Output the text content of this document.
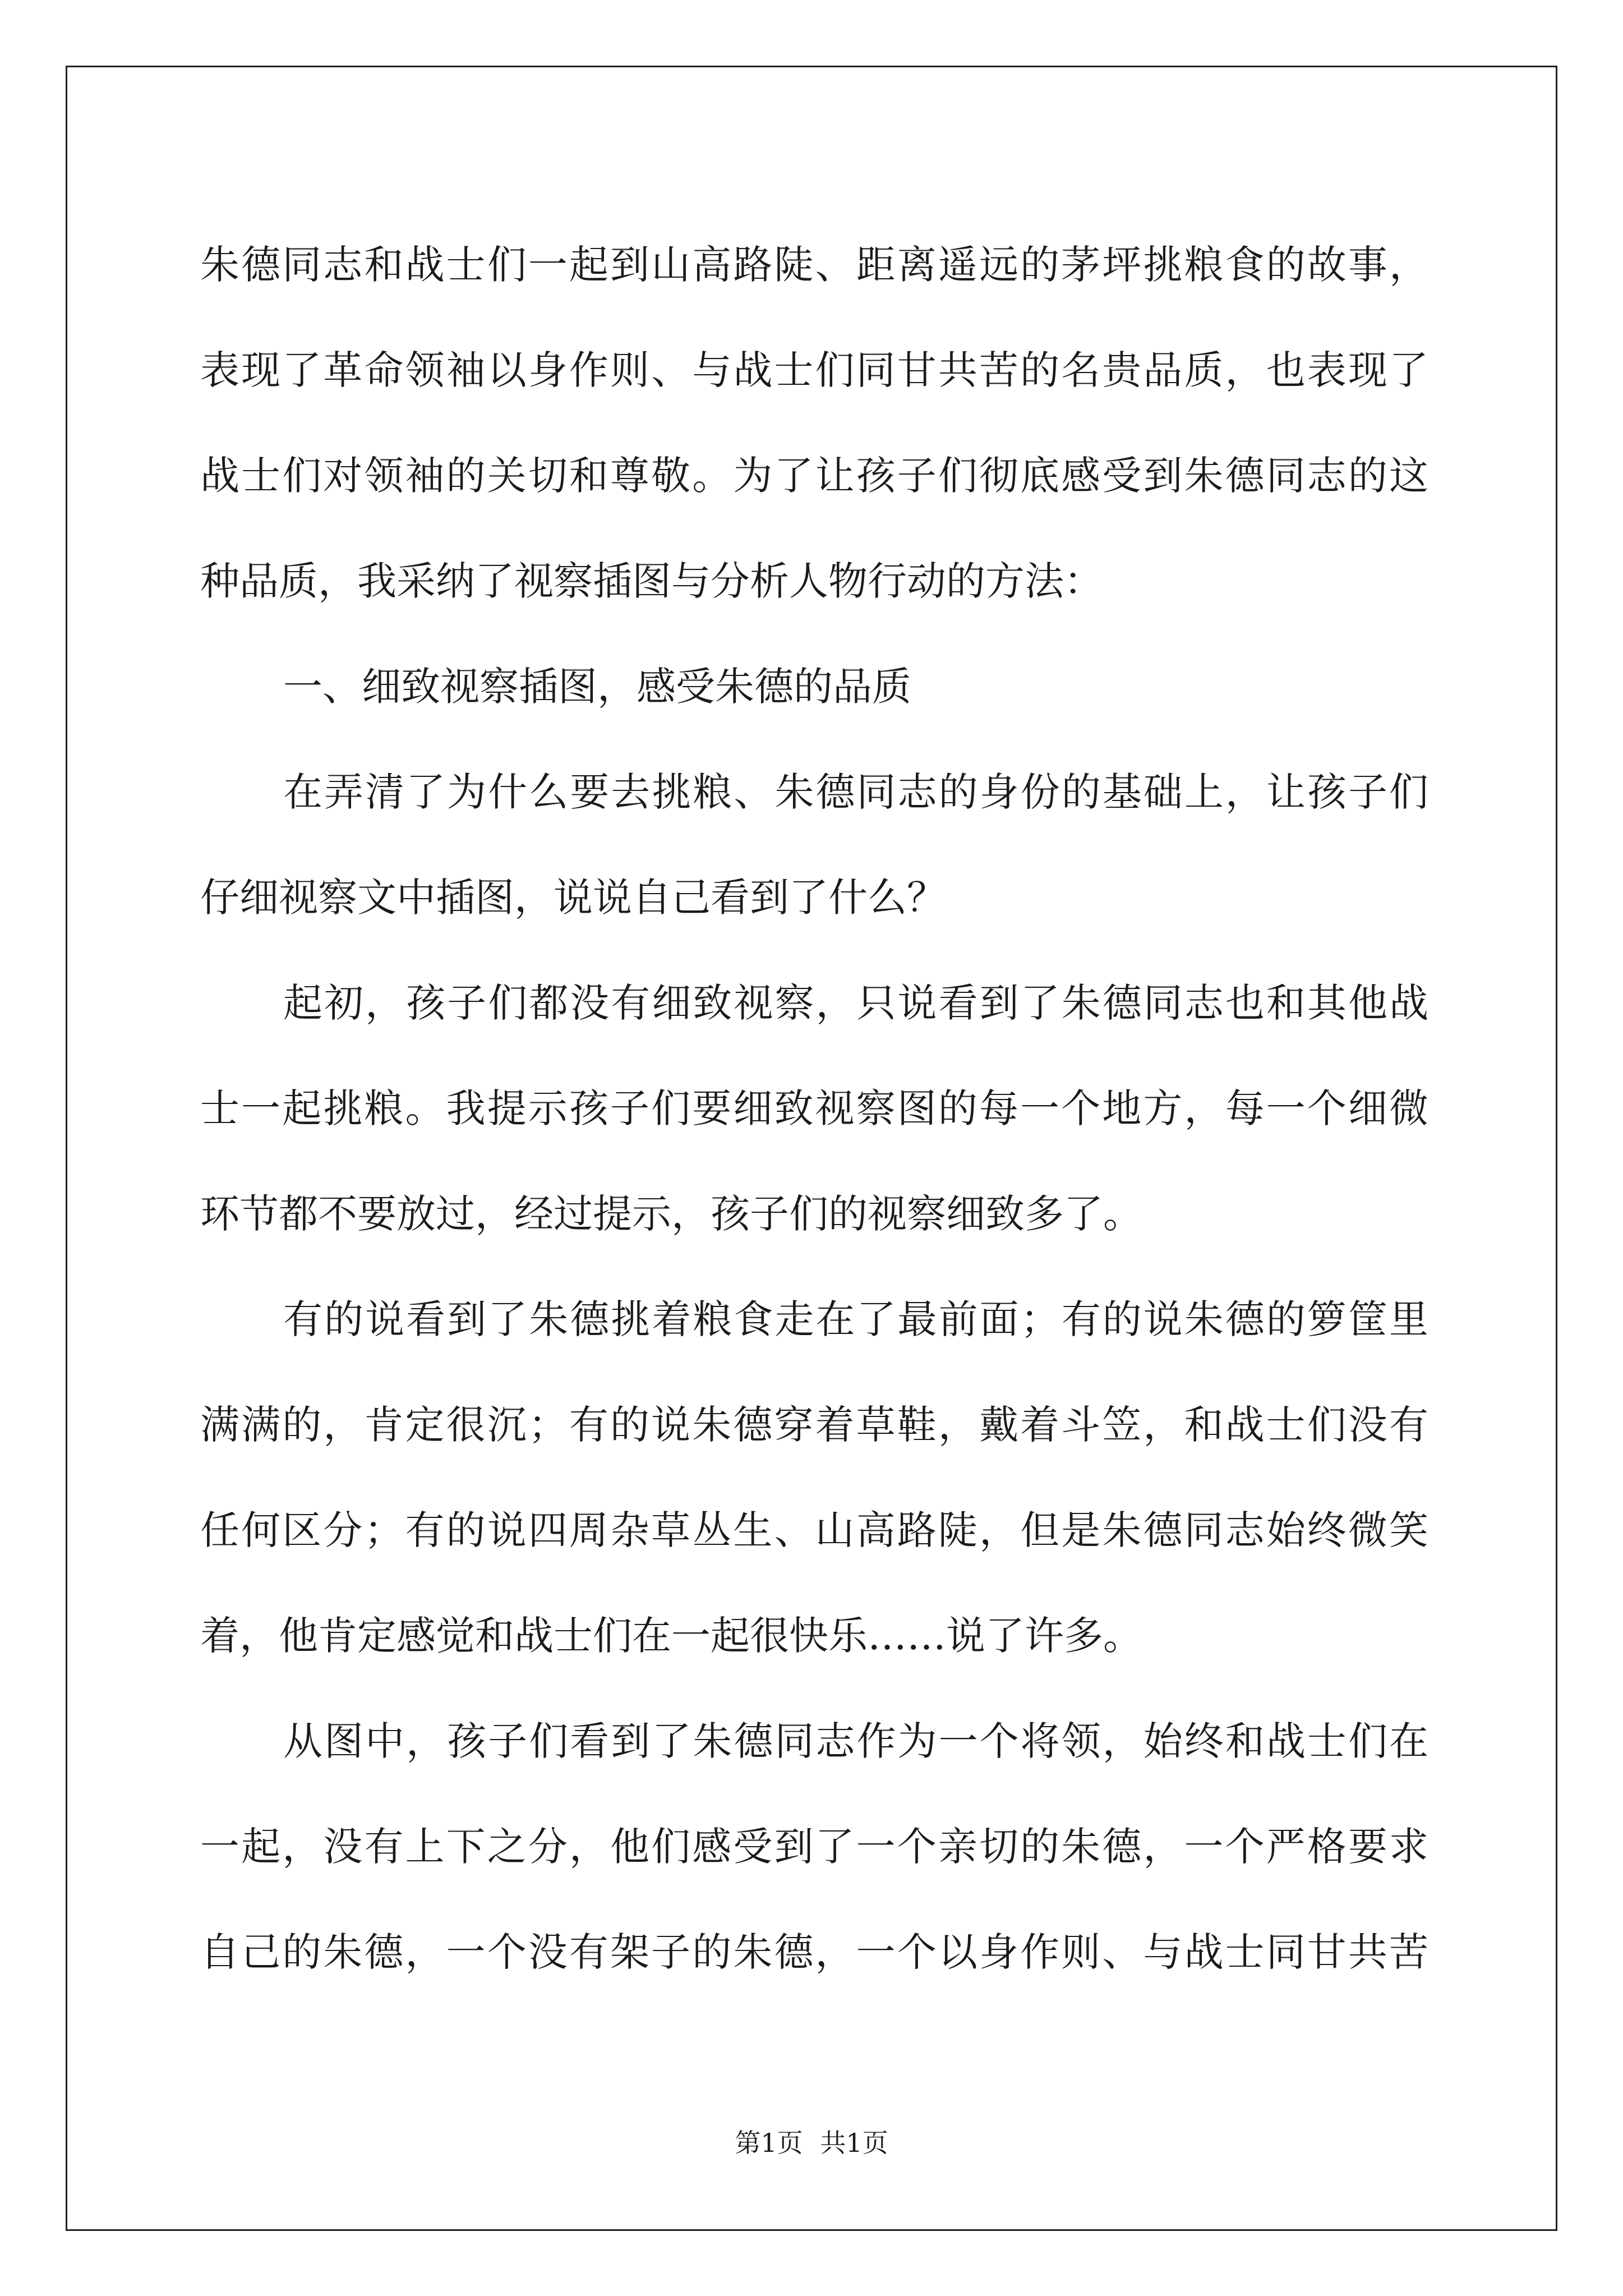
朱德同志和战士们一起到山高路陡、距离遥远的茅坪挑粮食的故事，
表现了革命领袖以身作则、与战士们同甘共苦的名贵品质，也表现了
战士们对领袖的关切和尊敬。为了让孩子们彻底感受到朱德同志的这
种品质，我采纳了视察插图与分析人物行动的方法：
一、细致视察插图，感受朱德的品质
在弄清了为什么要去挑粮、朱德同志的身份的基础上，让孩子们
仔细视察文中插图，说说自己看到了什么？
起初，孩子们都没有细致视察，只说看到了朱德同志也和其他战
士一起挑粮。我提示孩子们要细致视察图的每一个地方，每一个细微
环节都不要放过，经过提示，孩子们的视察细致多了。
有的说看到了朱德挑着粮食走在了最前面；有的说朱德的箩筐里
满满的，肯定很沉；有的说朱德穿着草鞋，戴着斗笠，和战士们没有
任何区分；有的说四周杂草丛生、山高路陡，但是朱德同志始终微笑
着，他肯定感觉和战士们在一起很快乐……说了许多。
从图中，孩子们看到了朱德同志作为一个将领，始终和战士们在
一起，没有上下之分，他们感受到了一个亲切的朱德，一个严格要求
自己的朱德，一个没有架子的朱德，一个以身作则、与战士同甘共苦
第1页 共1页
